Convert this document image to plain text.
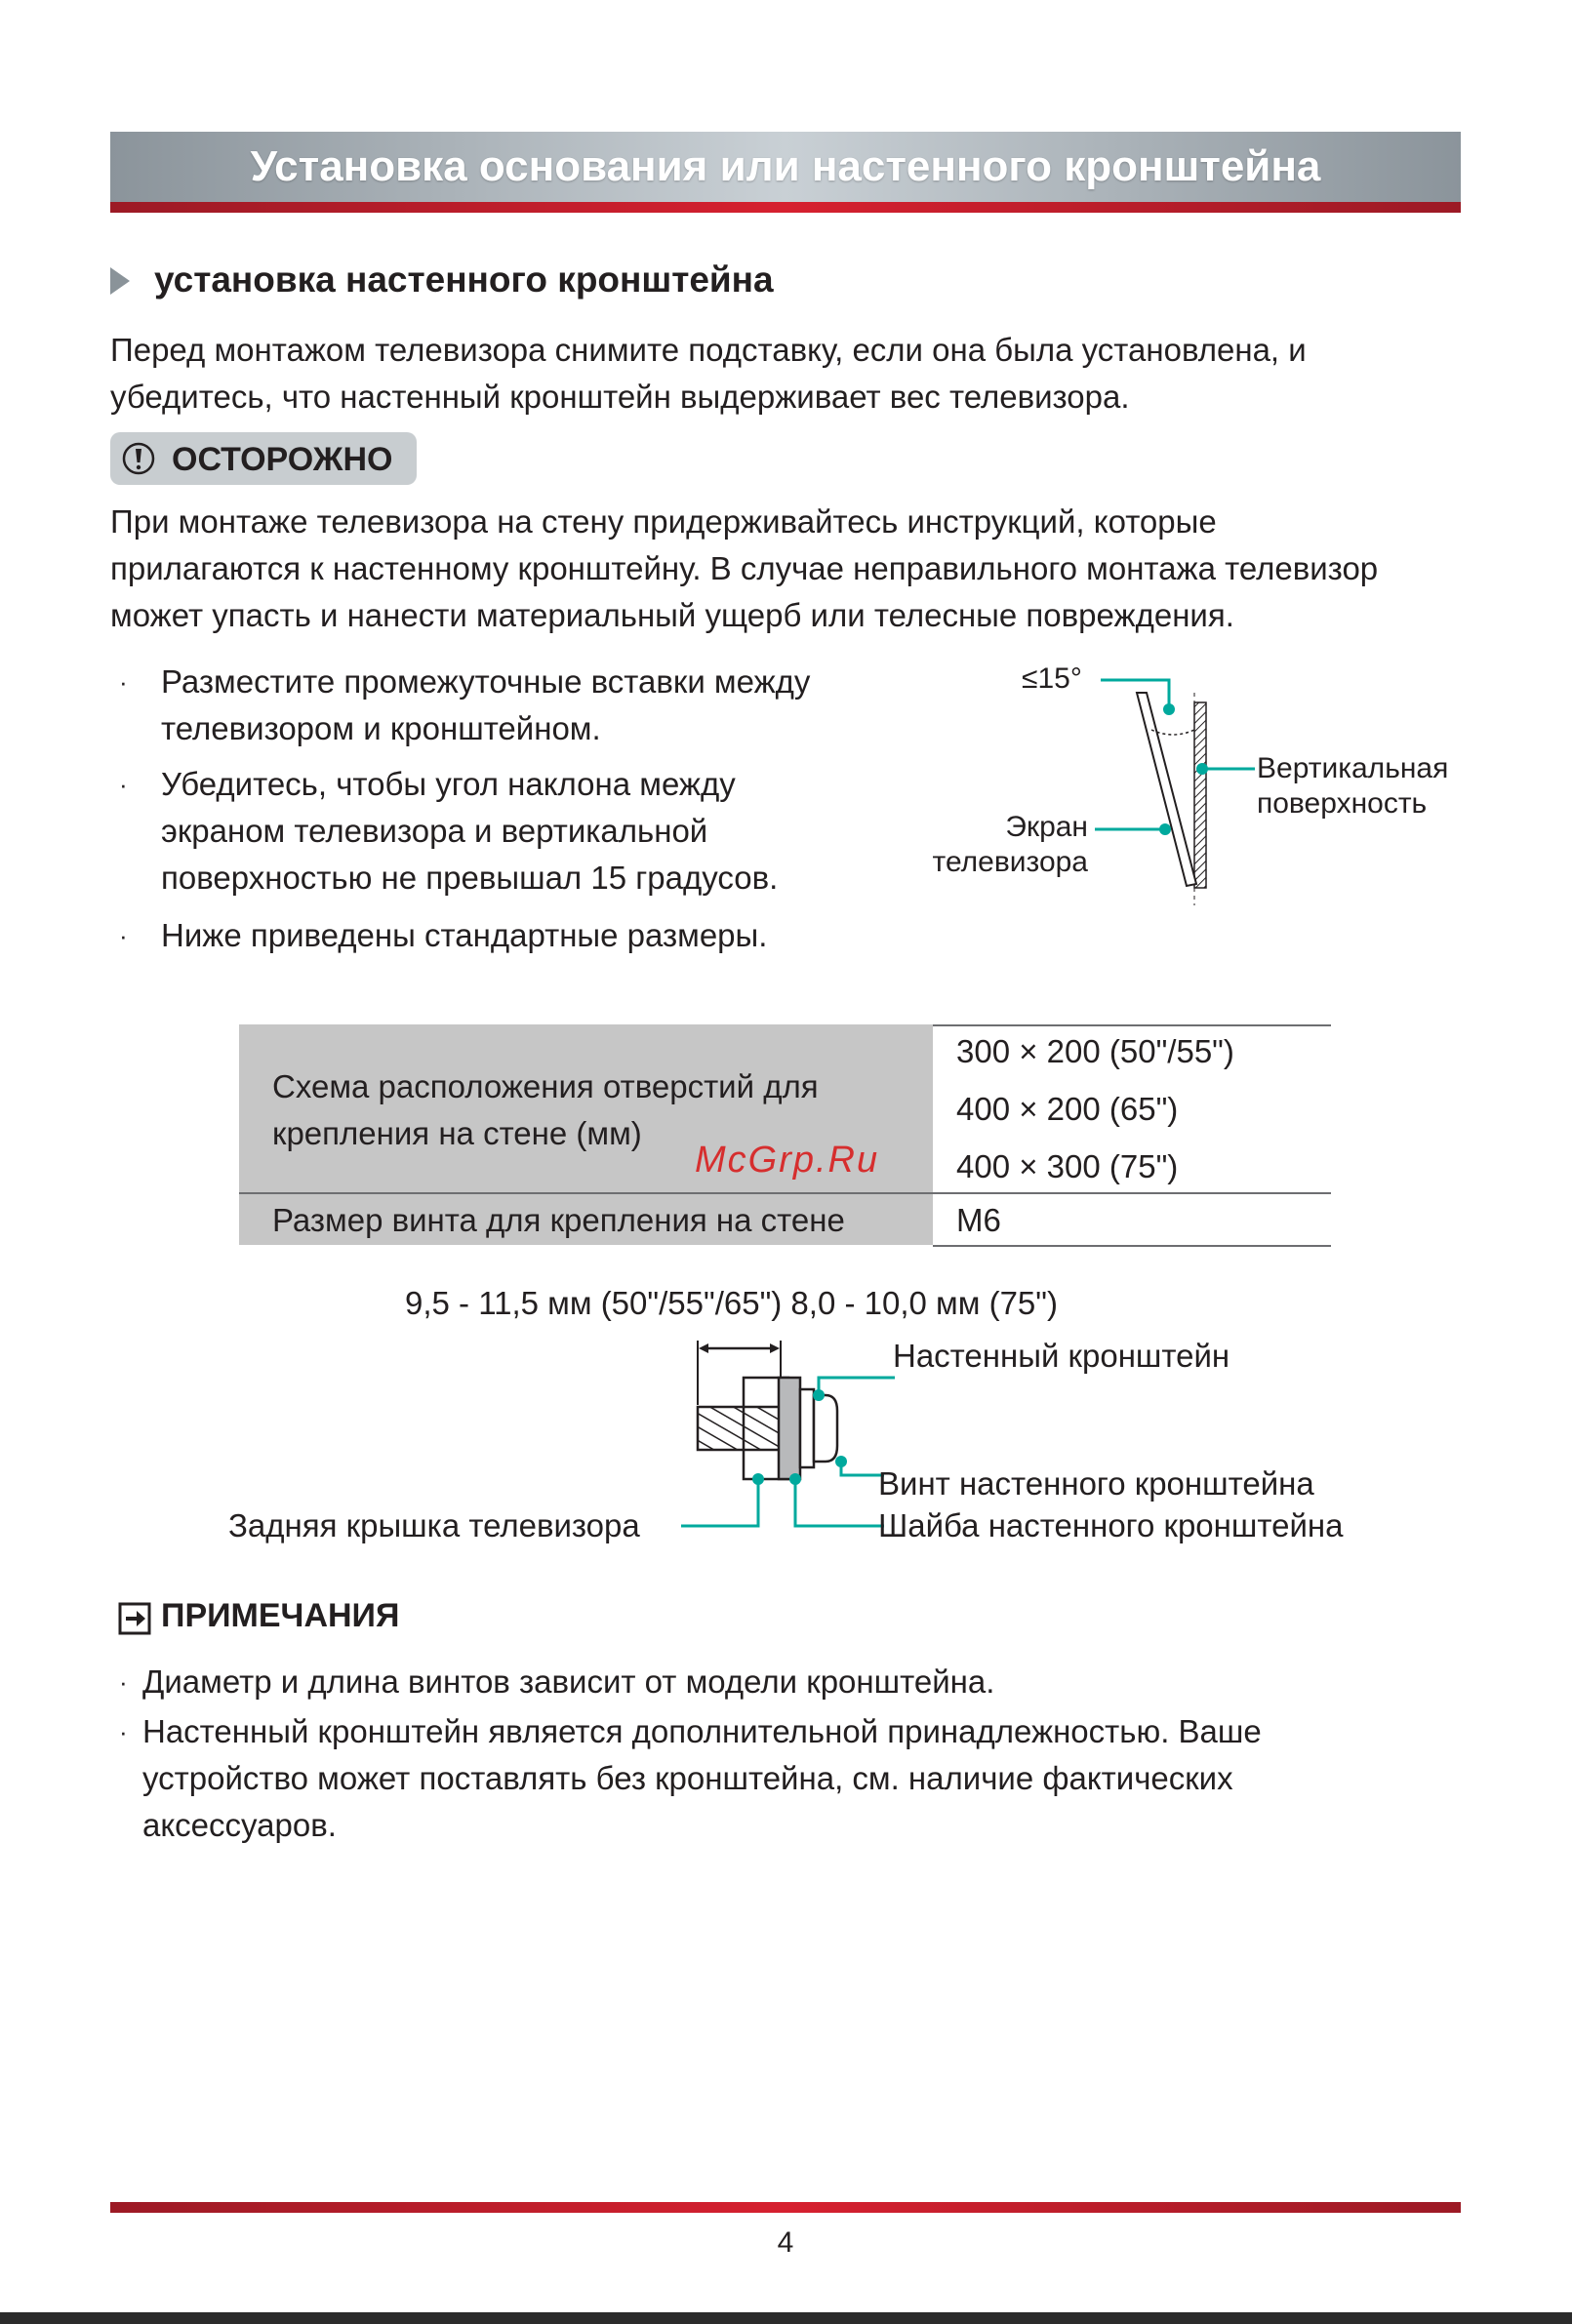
Установка основания или настенного кронштейна
установка настенного кронштейна
Перед монтажом телевизора снимите подставку, если она была установлена, и
убедитесь, что настенный кронштейн выдерживает вес телевизора.
ОСТОРОЖНО
При монтаже телевизора на стену придерживайтесь инструкций, которые
прилагаются к настенному кронштейну. В случае неправильного монтажа телевизор
может упасть и нанести материальный ущерб или телесные повреждения.
· Разместите промежуточные вставки между
телевизором и кронштейном.
· Убедитесь, чтобы угол наклона между
экраном телевизора и вертикальной
поверхностью не превышал 15 градусов.
· Ниже приведены стандартные размеры.
≤15°
Вертикальная
поверхность
Экран
телевизора
Схема расположения отверстий для
крепления на стене (мм)
300 × 200 (50"/55")
400 × 200 (65")
400 × 300 (75")
Размер винта для крепления на стене	M6
McGrp.Ru
9,5 - 11,5 мм (50"/55"/65") 8,0 - 10,0 мм (75")
Настенный кронштейн
Винт настенного кронштейна
Шайба настенного кронштейна
Задняя крышка телевизора
ПРИМЕЧАНИЯ
· Диаметр и длина винтов зависит от модели кронштейна.
· Настенный кронштейн является дополнительной принадлежностью. Ваше
устройство может поставлять без кронштейна, см. наличие фактических
аксессуаров.
4
